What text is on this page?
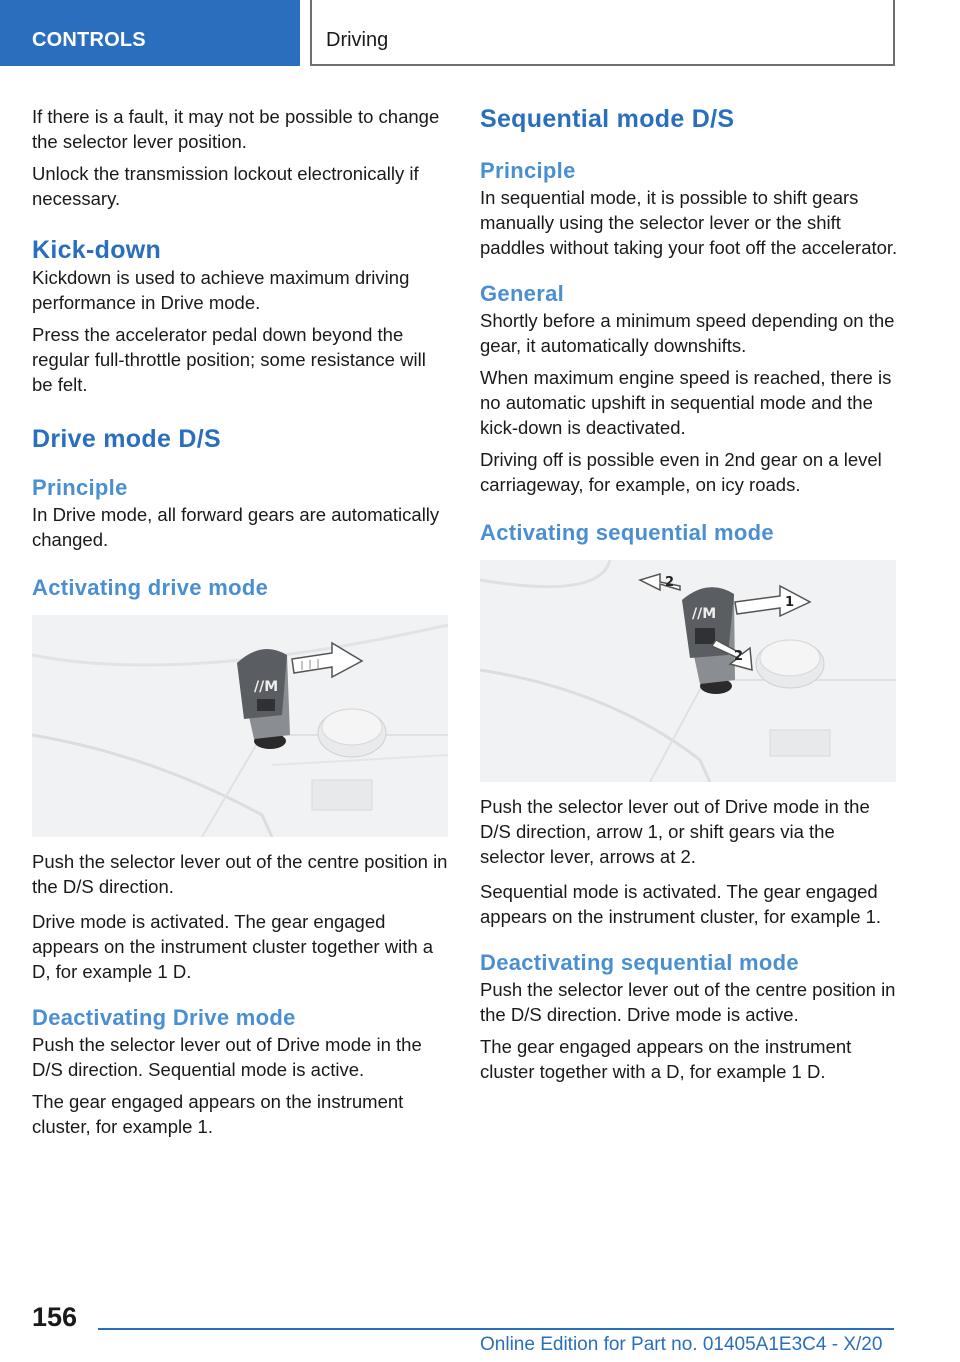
CONTROLS	Driving

If there is a fault, it may not be possible to change the selector lever position.

Unlock the transmission lockout electronically if necessary.

Kick-down

Kickdown is used to achieve maximum driving performance in Drive mode.

Press the accelerator pedal down beyond the regular full-throttle position; some resistance will be felt.

Drive mode D/S
Principle

In Drive mode, all forward gears are automatically changed.

Activating drive mode
//M

Push the selector lever out of the centre position in the D/S direction.

Drive mode is activated. The gear engaged appears on the instrument cluster together with a D, for example 1 D.

Deactivating Drive mode

Push the selector lever out of Drive mode in the D/S direction. Sequential mode is active.

The gear engaged appears on the instrument cluster, for example 1.

Sequential mode D/S
Principle

In sequential mode, it is possible to shift gears manually using the selector lever or the shift paddles without taking your foot off the accelerator.

General

Shortly before a minimum speed depending on the gear, it automatically downshifts.

When maximum engine speed is reached, there is no automatic upshift in sequential mode and the kick-down is deactivated.

Driving off is possible even in 2nd gear on a level carriageway, for example, on icy roads.

Activating sequential mode
//M
1
2
2

Push the selector lever out of Drive mode in the D/S direction, arrow 1, or shift gears via the selector lever, arrows at 2.

Sequential mode is activated. The gear engaged appears on the instrument cluster, for example 1.

Deactivating sequential mode

Push the selector lever out of the centre position in the D/S direction. Drive mode is active.

The gear engaged appears on the instrument cluster together with a D, for example 1 D.

156
Online Edition for Part no. 01405A1E3C4 - X/20
